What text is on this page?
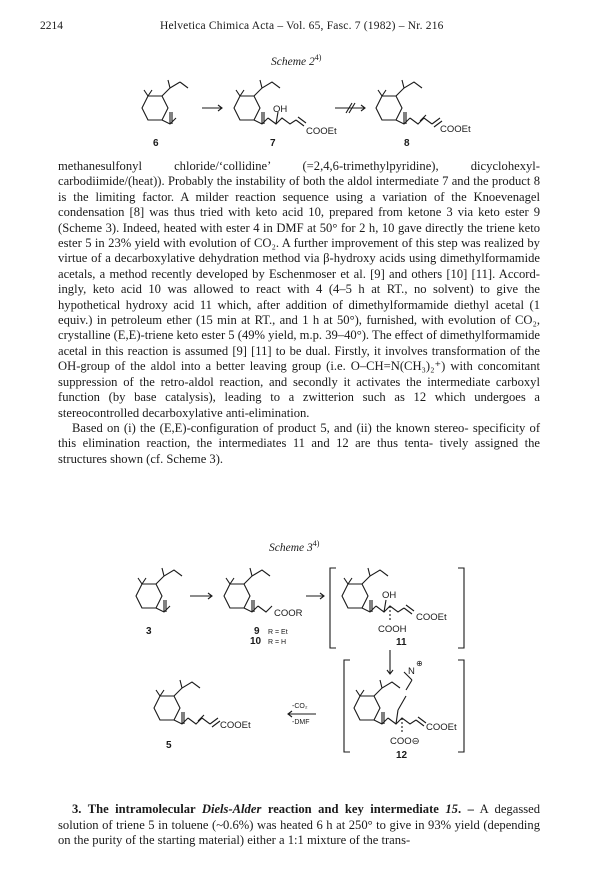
2214	Helvetica Chimica Acta – Vol. 65, Fasc. 7 (1982) – Nr. 216
Scheme 2$^{4)}$
OH
COOEt	COOEt
6	7	8

methanesulfonyl chloride/‘collidine’ (=2,4,6-trimethylpyridine), dicyclohexyl- carbodiimide/(heat)). Probably the instability of both the aldol intermediate 7 and the product 8 is the limiting factor. A milder reaction sequence using a variation of the Knoevenagel condensation [8] was thus tried with keto acid 10, prepared from ketone 3 via keto ester 9 (Scheme 3). Indeed, heated with ester 4 in DMF at 50° for 2 h, 10 gave directly the triene keto ester 5 in 23% yield with evolution of CO₂. A further improvement of this step was realized by virtue of a decarboxylative dehydration method via β-hydroxy acids using dimethylformamide acetals, a method recently developed by Eschenmoser et al. [9] and others [10] [11]. Accord- ingly, keto acid 10 was allowed to react with 4 (4–5 h at RT., no solvent) to give the hypothetical hydroxy acid 11 which, after addition of dimethylformamide diethyl acetal (1 equiv.) in petroleum ether (15 min at RT., and 1 h at 50°), furnished, with evolution of CO₂, crystalline (E,E)-triene keto ester 5 (49% yield, m.p. 39–40°). The effect of dimethylformamide acetal in this reaction is assumed [9] [11] to be dual. Firstly, it involves transformation of the OH-group of the aldol into a better leaving group (i.e. O–CH=N(CH₃)₂⁺) with concomitant suppression of the retro-aldol reaction, and secondly it activates the intermediate carboxyl function (by base catalysis), leading to a zwitterion such as 12 which undergoes a stereocontrolled decarboxylative anti-elimination.

Based on (i) the (E,E)-configuration of product 5, and (ii) the known stereo- specificity of this elimination reaction, the intermediates 11 and 12 are thus tenta- tively assigned the structures shown (cf. Scheme 3).

Scheme 3$^{4)}$
COOR
OH
COOEt
COOH
N
⊕
COOEt
COO⊖
COOEt
-CO₂
-DMF
R = Et
R = H
3	9
10	11
5
12

3. The intramolecular Diels-Alder reaction and key intermediate 15. – A degassed solution of triene 5 in toluene (~0.6%) was heated 6 h at 250° to give in 93% yield (depending on the purity of the starting material) either a 1:1 mixture of the trans-
